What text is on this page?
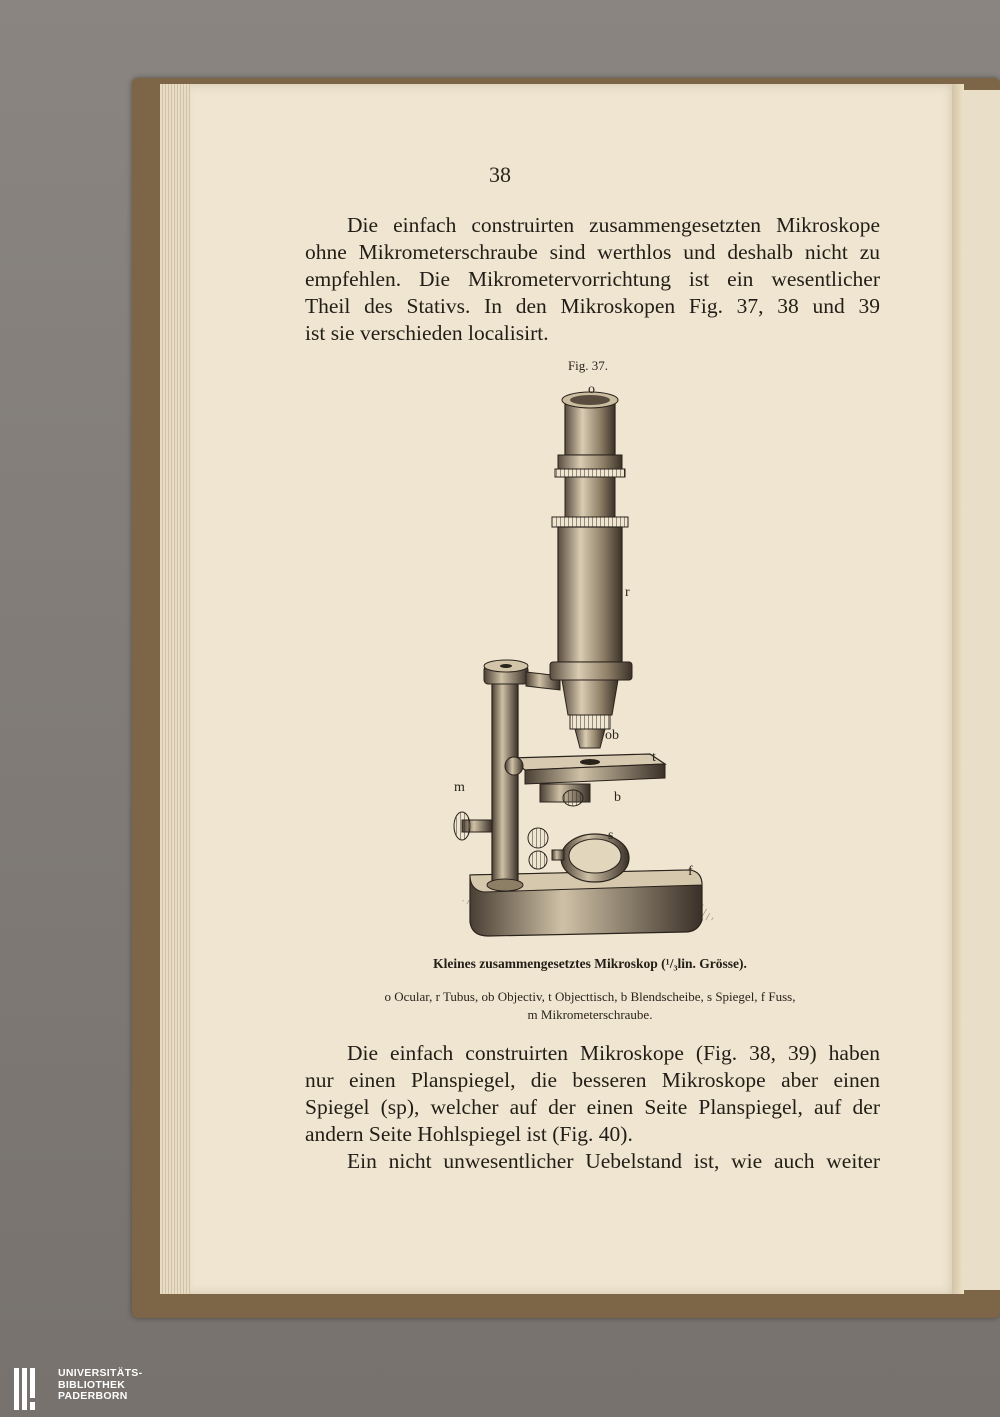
38
Die einfach construirten zusammengesetzten Mikroskope
ohne Mikrometerschraube sind werthlos und deshalb nicht zu
empfehlen. Die Mikrometervorrichtung ist ein wesentlicher
Theil des Stativs. In den Mikroskopen Fig. 37, 38 und 39
ist sie verschieden localisirt.
Fig. 37.
o
r
ob
t
b
m
s
f
Kleines zusammengesetztes Mikroskop (¹/₃lin. Grösse).
o Ocular, r Tubus, ob Objectiv, t Objecttisch, b Blendscheibe, s Spiegel, f Fuss,
m Mikrometerschraube.
Die einfach construirten Mikroskope (Fig. 38, 39) haben
nur einen Planspiegel, die besseren Mikroskope aber einen
Spiegel (sp), welcher auf der einen Seite Planspiegel, auf der
andern Seite Hohlspiegel ist (Fig. 40).
Ein nicht unwesentlicher Uebelstand ist, wie auch weiter
UNIVERSITÄTS-
BIBLIOTHEK
PADERBORN
